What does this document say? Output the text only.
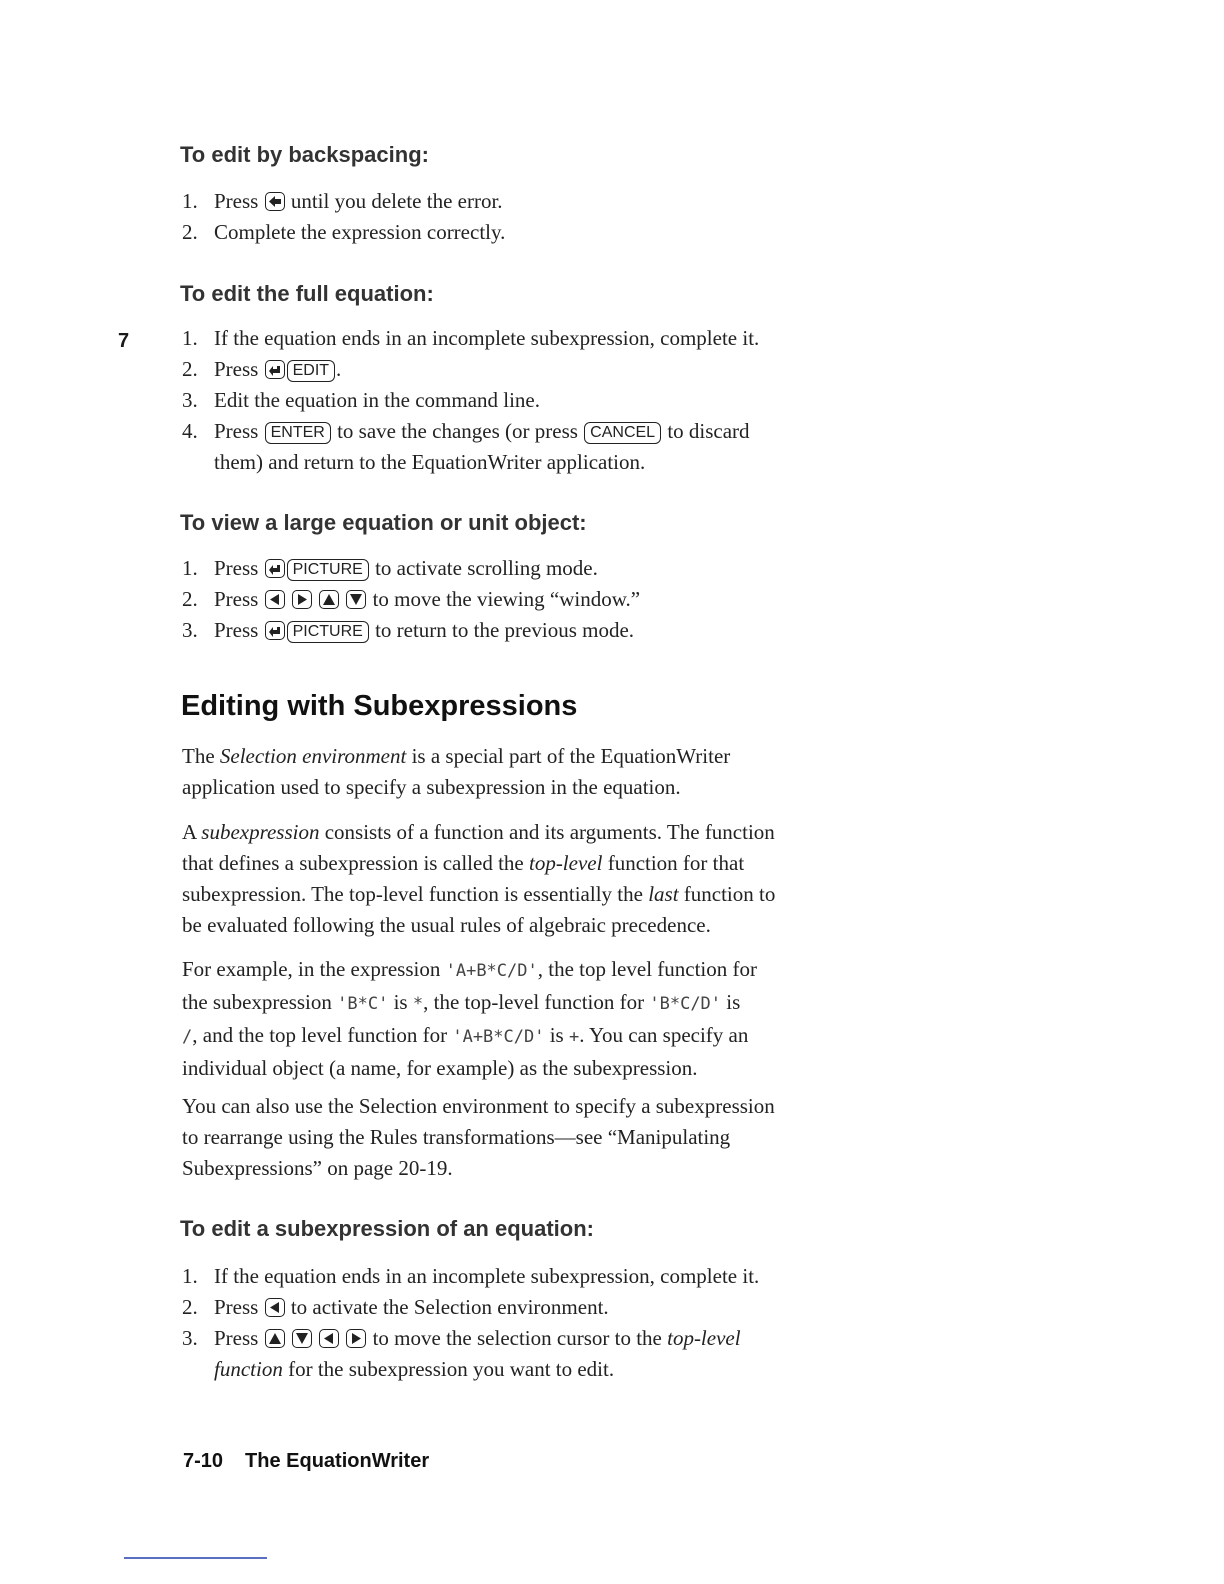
7
To edit by backspacing:
1. Press until you delete the error.
2. Complete the expression correctly.
To edit the full equation:
1. If the equation ends in an incomplete subexpression, complete it.
2. Press EDIT .
3. Edit the equation in the command line.
4. Press ENTER to save the changes (or press CANCEL to discard
them) and return to the EquationWriter application.
To view a large equation or unit object:
1. Press PICTURE to activate scrolling mode.
2. Press

	to move the viewing “window.”
3. Press PICTURE to return to the previous mode.
Editing with Subexpressions

The Selection environment is a special part of the EquationWriter
application used to specify a subexpression in the equation.

A subexpression consists of a function and its arguments. The function
that defines a subexpression is called the top-level function for that
subexpression. The top-level function is essentially the last function to
be evaluated following the usual rules of algebraic precedence.

For example, in the expression 'A+B*C/D', the top level function for
the subexpression 'B*C' is *, the top-level function for 'B*C/D' is
/, and the top level function for 'A+B*C/D' is +. You can specify an
individual object (a name, for example) as the subexpression.

You can also use the Selection environment to specify a subexpression
to rearrange using the Rules transformations—see “Manipulating
Subexpressions” on page 20-19.

To edit a subexpression of an equation:
1. If the equation ends in an incomplete subexpression, complete it.
2. Press to activate the Selection environment.
3. Press

	to move the selection cursor to the top-level
function for the subexpression you want to edit.
7-10 The EquationWriter
